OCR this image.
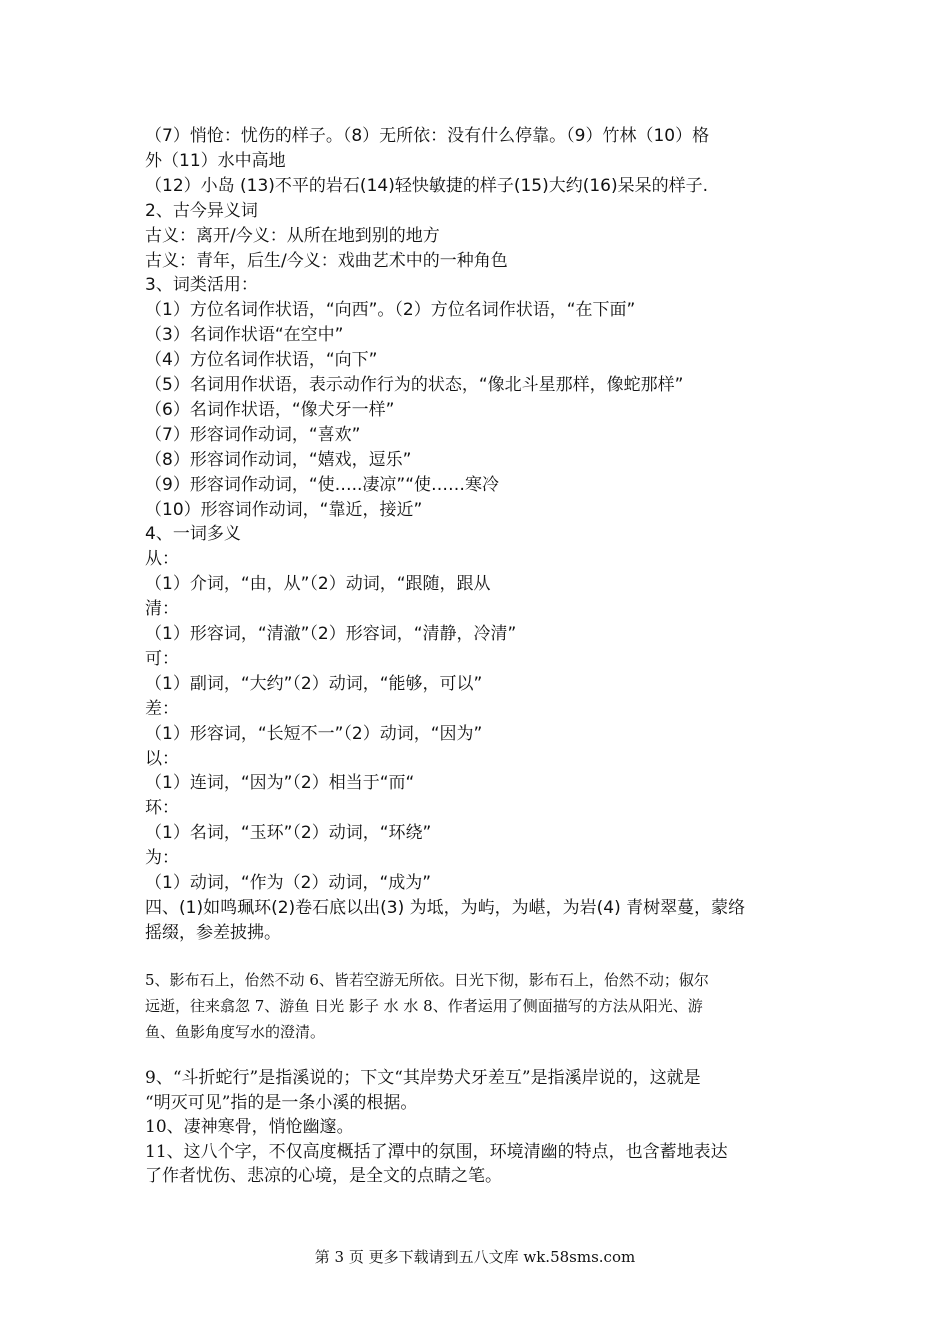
（7）悄怆：忧伤的样子。（8）无所依：没有什么停靠。（9）竹林（10）格
外（11）水中高地
（12）小岛 (13)不平的岩石(14)轻快敏捷的样子(15)大约(16)呆呆的样子.
2、古今异义词
古义：离开/今义：从所在地到别的地方
古义：青年，后生/今义：戏曲艺术中的一种角色
3、词类活用：
（1）方位名词作状语，“向西”。（2）方位名词作状语，“在下面”
（3）名词作状语“在空中”
（4）方位名词作状语，“向下”
（5）名词用作状语，表示动作行为的状态，“像北斗星那样，像蛇那样”
（6）名词作状语，“像犬牙一样”
（7）形容词作动词，“喜欢”
（8）形容词作动词，“嬉戏，逗乐”
（9）形容词作动词，“使…..凄凉”“使……寒冷
（10）形容词作动词，“靠近，接近”
4、一词多义
从：
（1）介词，“由，从”（2）动词，“跟随，跟从
清：
（1）形容词，“清澈”（2）形容词，“清静，冷清”
可：
（1）副词，“大约”（2）动词，“能够，可以”
差：
（1）形容词，“长短不一”（2）动词，“因为”
以：
（1）连词，“因为”（2）相当于“而“
环：
（1）名词，“玉环”（2）动词，“环绕”
为：
（1）动词，“作为（2）动词，“成为”
四、(1)如鸣珮环(2)卷石底以出(3) 为坻，为屿，为嵁，为岩(4) 青树翠蔓，蒙络
摇缀，参差披拂。
5、影布石上，佁然不动 6、皆若空游无所依。日光下彻，影布石上，佁然不动；俶尔
远逝，往来翕忽 7、游鱼 日光 影子 水 水 8、作者运用了侧面描写的方法从阳光、游
鱼、鱼影角度写水的澄清。
9、“斗折蛇行”是指溪说的；下文“其岸势犬牙差互”是指溪岸说的，这就是
“明灭可见”指的是一条小溪的根据。
10、凄神寒骨，悄怆幽邃。
11、这八个字，不仅高度概括了潭中的氛围，环境清幽的特点，也含蓄地表达
了作者忧伤、悲凉的心境，是全文的点睛之笔。
第 3 页 更多下载请到五八文库 wk.58sms.com
